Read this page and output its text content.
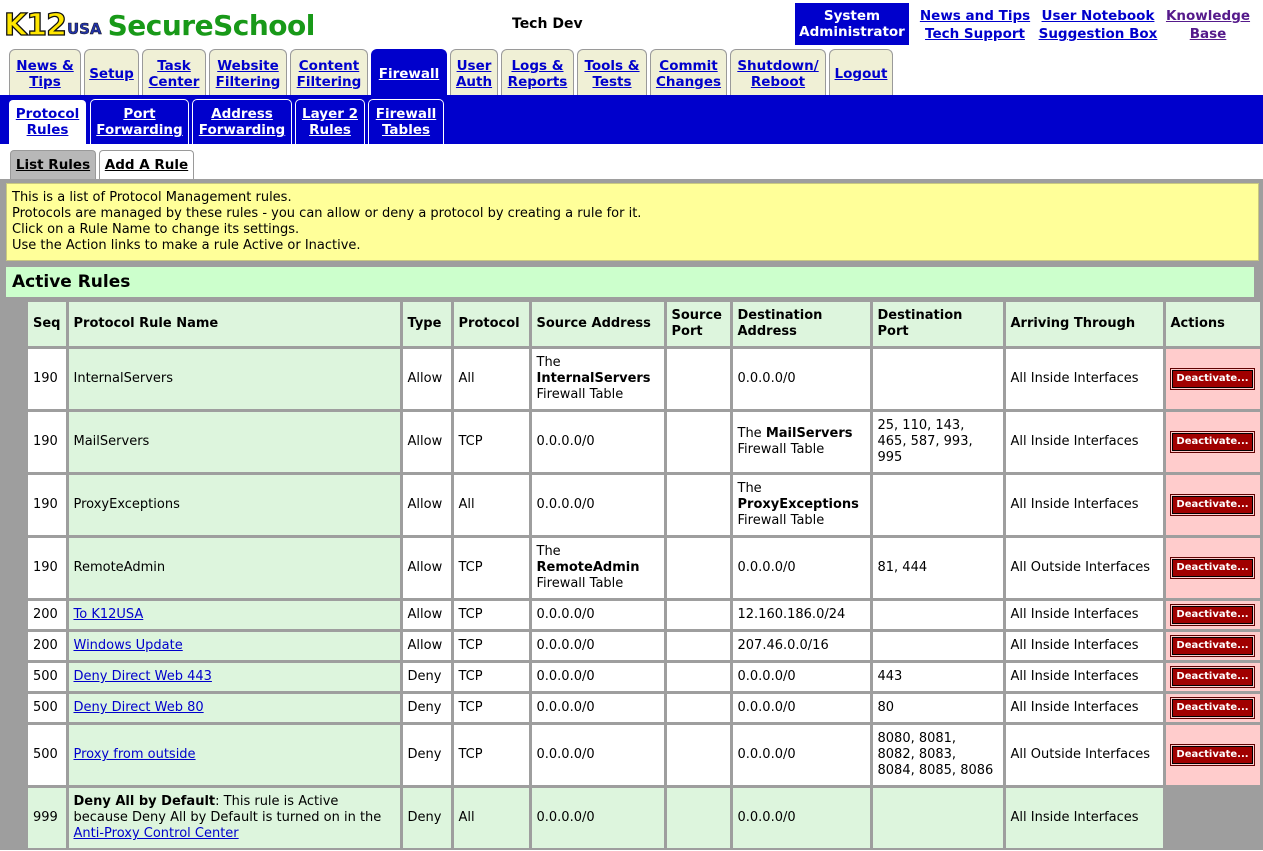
K12 USA SecureSchool	Tech Dev	System
Administrator
News and Tips
Tech Support
User Notebook
Suggestion Box
Knowledge
Base
News &
Tips	Setup	Task
Center
Website
Filtering
Content
Filtering Firewall User
Auth
Logs &
Reports
Tools &
Tests
Commit
Changes
Shutdown/
Reboot	Logout
Protocol
Rules
Port
Forwarding
Address
Forwarding
Layer 2
Rules
Firewall
Tables
List Rules Add A Rule
This is a list of Protocol Management rules.
Protocols are managed by these rules - you can allow or deny a protocol by creating a rule for it.
Click on a Rule Name to change its settings.
Use the Action links to make a rule Active or Inactive.
Active Rules
Seq	Protocol Rule Name	Type	Protocol	Source Address	Source
Port	Destination
Address	Destination
Port	Arriving Through	Actions
190	InternalServers	Allow	All	The
InternalServers
Firewall Table		0.0.0.0/0		All Inside Interfaces	Deactivate...
190	MailServers	Allow	TCP	0.0.0.0/0		The MailServers
Firewall Table	25, 110, 143,
465, 587, 993,
995	All Inside Interfaces	Deactivate...
190	ProxyExceptions	Allow	All	0.0.0.0/0		The
ProxyExceptions
Firewall Table		All Inside Interfaces	Deactivate...
190	RemoteAdmin	Allow	TCP	The
RemoteAdmin
Firewall Table		0.0.0.0/0	81, 444	All Outside Interfaces	Deactivate...
200	To K12USA	Allow	TCP	0.0.0.0/0		12.160.186.0/24		All Inside Interfaces	Deactivate...
200	Windows Update	Allow	TCP	0.0.0.0/0		207.46.0.0/16		All Inside Interfaces	Deactivate...
500	Deny Direct Web 443	Deny	TCP	0.0.0.0/0		0.0.0.0/0	443	All Inside Interfaces	Deactivate...
500	Deny Direct Web 80	Deny	TCP	0.0.0.0/0		0.0.0.0/0	80	All Inside Interfaces	Deactivate...
500	Proxy from outside	Deny	TCP	0.0.0.0/0		0.0.0.0/0	8080, 8081,
8082, 8083,
8084, 8085, 8086	All Outside Interfaces	Deactivate...
999	Deny All by Default: This rule is Active because Deny All by Default is turned on in the
Anti-Proxy Control Center	Deny	All	0.0.0.0/0		0.0.0.0/0		All Inside Interfaces	
